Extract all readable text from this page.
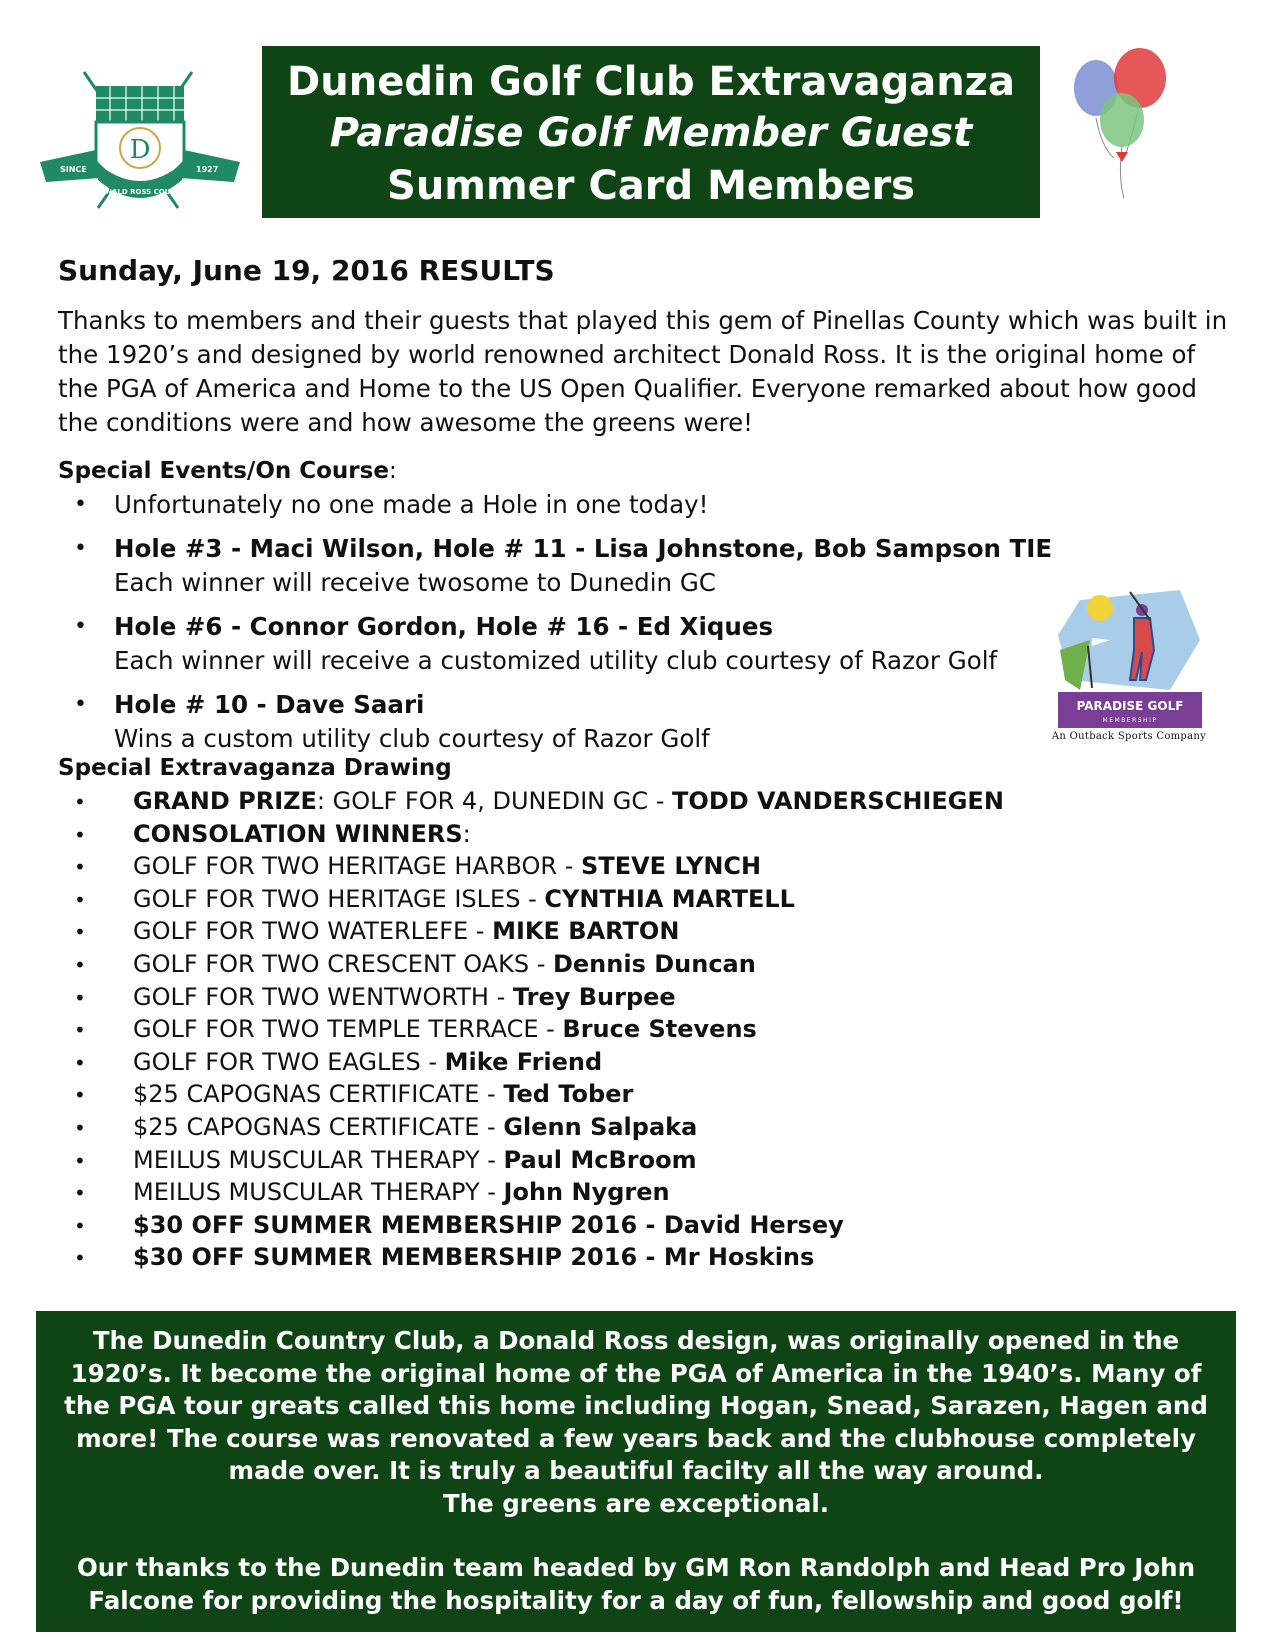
Dunedin Golf Club Extravaganza
Paradise Golf Member Guest
Summer Card Members
D
SINCE	1927
DONALD ROSS COURSE
Sunday, June 19, 2016 RESULTS
Thanks to members and their guests that played this gem of Pinellas County which was built in the 1920’s and designed by world renowned architect Donald Ross. It is the original home of the PGA of America and Home to the US Open Qualifier. Everyone remarked about how good the conditions were and how awesome the greens were!
Special Events/On Course:
• Unfortunately no one made a Hole in one today!
• Hole #3 - Maci Wilson, Hole # 11 - Lisa Johnstone, Bob Sampson TIE
Each winner will receive twosome to Dunedin GC
• Hole #6 - Connor Gordon, Hole # 16 - Ed Xiques
Each winner will receive a customized utility club courtesy of Razor Golf
• Hole # 10 - Dave Saari
Wins a custom utility club courtesy of Razor Golf
PARADISE GOLF
MEMBERSHIP
An Outback Sports Company
Special Extravaganza Drawing
• GRAND PRIZE: GOLF FOR 4, DUNEDIN GC - TODD VANDERSCHIEGEN
• CONSOLATION WINNERS:
• GOLF FOR TWO HERITAGE HARBOR - STEVE LYNCH
• GOLF FOR TWO HERITAGE ISLES - CYNTHIA MARTELL
• GOLF FOR TWO WATERLEFE - MIKE BARTON
• GOLF FOR TWO CRESCENT OAKS - Dennis Duncan
• GOLF FOR TWO WENTWORTH - Trey Burpee
• GOLF FOR TWO TEMPLE TERRACE - Bruce Stevens
• GOLF FOR TWO EAGLES - Mike Friend
• $25 CAPOGNAS CERTIFICATE - Ted Tober
• $25 CAPOGNAS CERTIFICATE - Glenn Salpaka
• MEILUS MUSCULAR THERAPY - Paul McBroom
• MEILUS MUSCULAR THERAPY - John Nygren
• $30 OFF SUMMER MEMBERSHIP 2016 - David Hersey
• $30 OFF SUMMER MEMBERSHIP 2016 - Mr Hoskins

The Dunedin Country Club, a Donald Ross design, was originally opened in the

1920’s. It become the original home of the PGA of America in the 1940’s. Many of

the PGA tour greats called this home including Hogan, Snead, Sarazen, Hagen and

more! The course was renovated a few years back and the clubhouse completely

made over. It is truly a beautiful facilty all the way around.

The greens are exceptional.

Our thanks to the Dunedin team headed by GM Ron Randolph and Head Pro John

Falcone for providing the hospitality for a day of fun, fellowship and good golf!
